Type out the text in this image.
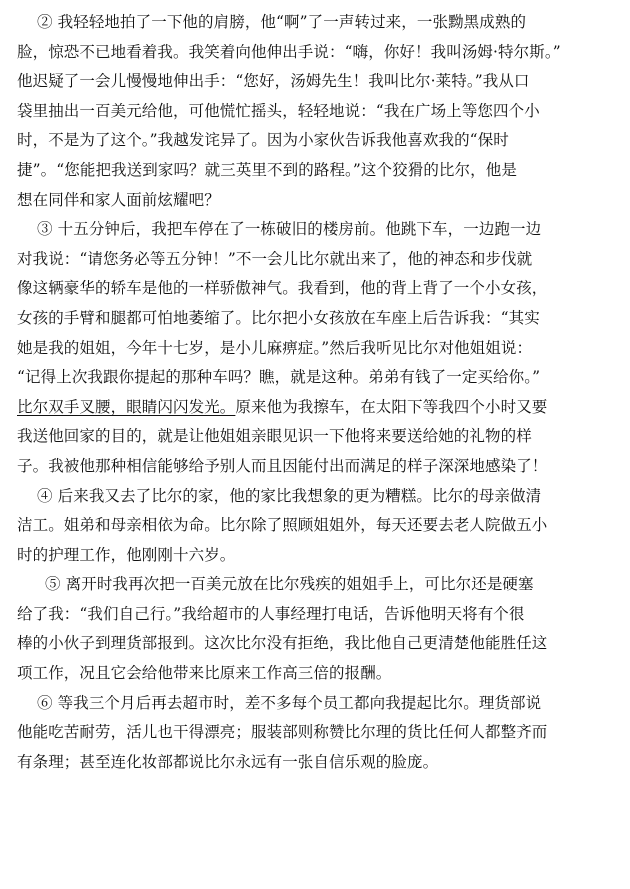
② 我轻轻地拍了一下他的肩膀，他“啊”了一声转过来，一张黝黑成熟的
脸，惊恐不已地看着我。我笑着向他伸出手说：“嗨，你好！我叫汤姆·特尔斯。”
他迟疑了一会儿慢慢地伸出手：“您好，汤姆先生！我叫比尔·莱特。”我从口
袋里抽出一百美元给他，可他慌忙摇头，轻轻地说：“我在广场上等您四个小
时，不是为了这个。”我越发诧异了。因为小家伙告诉我他喜欢我的“保时
捷”。“您能把我送到家吗？就三英里不到的路程。”这个狡猾的比尔，他是
想在同伴和家人面前炫耀吧？
③ 十五分钟后，我把车停在了一栋破旧的楼房前。他跳下车，一边跑一边
对我说：“请您务必等五分钟！”不一会儿比尔就出来了，他的神态和步伐就
像这辆豪华的轿车是他的一样骄傲神气。我看到，他的背上背了一个小女孩，
女孩的手臂和腿都可怕地萎缩了。比尔把小女孩放在车座上后告诉我：“其实
她是我的姐姐，今年十七岁，是小儿麻痹症。”然后我听见比尔对他姐姐说：
“记得上次我跟你提起的那种车吗？瞧，就是这种。弟弟有钱了一定买给你。”
比尔双手叉腰，眼睛闪闪发光。原来他为我擦车，在太阳下等我四个小时又要
我送他回家的目的，就是让他姐姐亲眼见识一下他将来要送给她的礼物的样
子。我被他那种相信能够给予别人而且因能付出而满足的样子深深地感染了！
④ 后来我又去了比尔的家，他的家比我想象的更为糟糕。比尔的母亲做清
洁工。姐弟和母亲相依为命。比尔除了照顾姐姐外，每天还要去老人院做五小
时的护理工作，他刚刚十六岁。
⑤ 离开时我再次把一百美元放在比尔残疾的姐姐手上，可比尔还是硬塞
给了我：“我们自己行。”我给超市的人事经理打电话，告诉他明天将有个很
棒的小伙子到理货部报到。这次比尔没有拒绝，我比他自己更清楚他能胜任这
项工作，况且它会给他带来比原来工作高三倍的报酬。
⑥ 等我三个月后再去超市时，差不多每个员工都向我提起比尔。理货部说
他能吃苦耐劳，活儿也干得漂亮；服装部则称赞比尔理的货比任何人都整齐而
有条理；甚至连化妆部都说比尔永远有一张自信乐观的脸庞。
